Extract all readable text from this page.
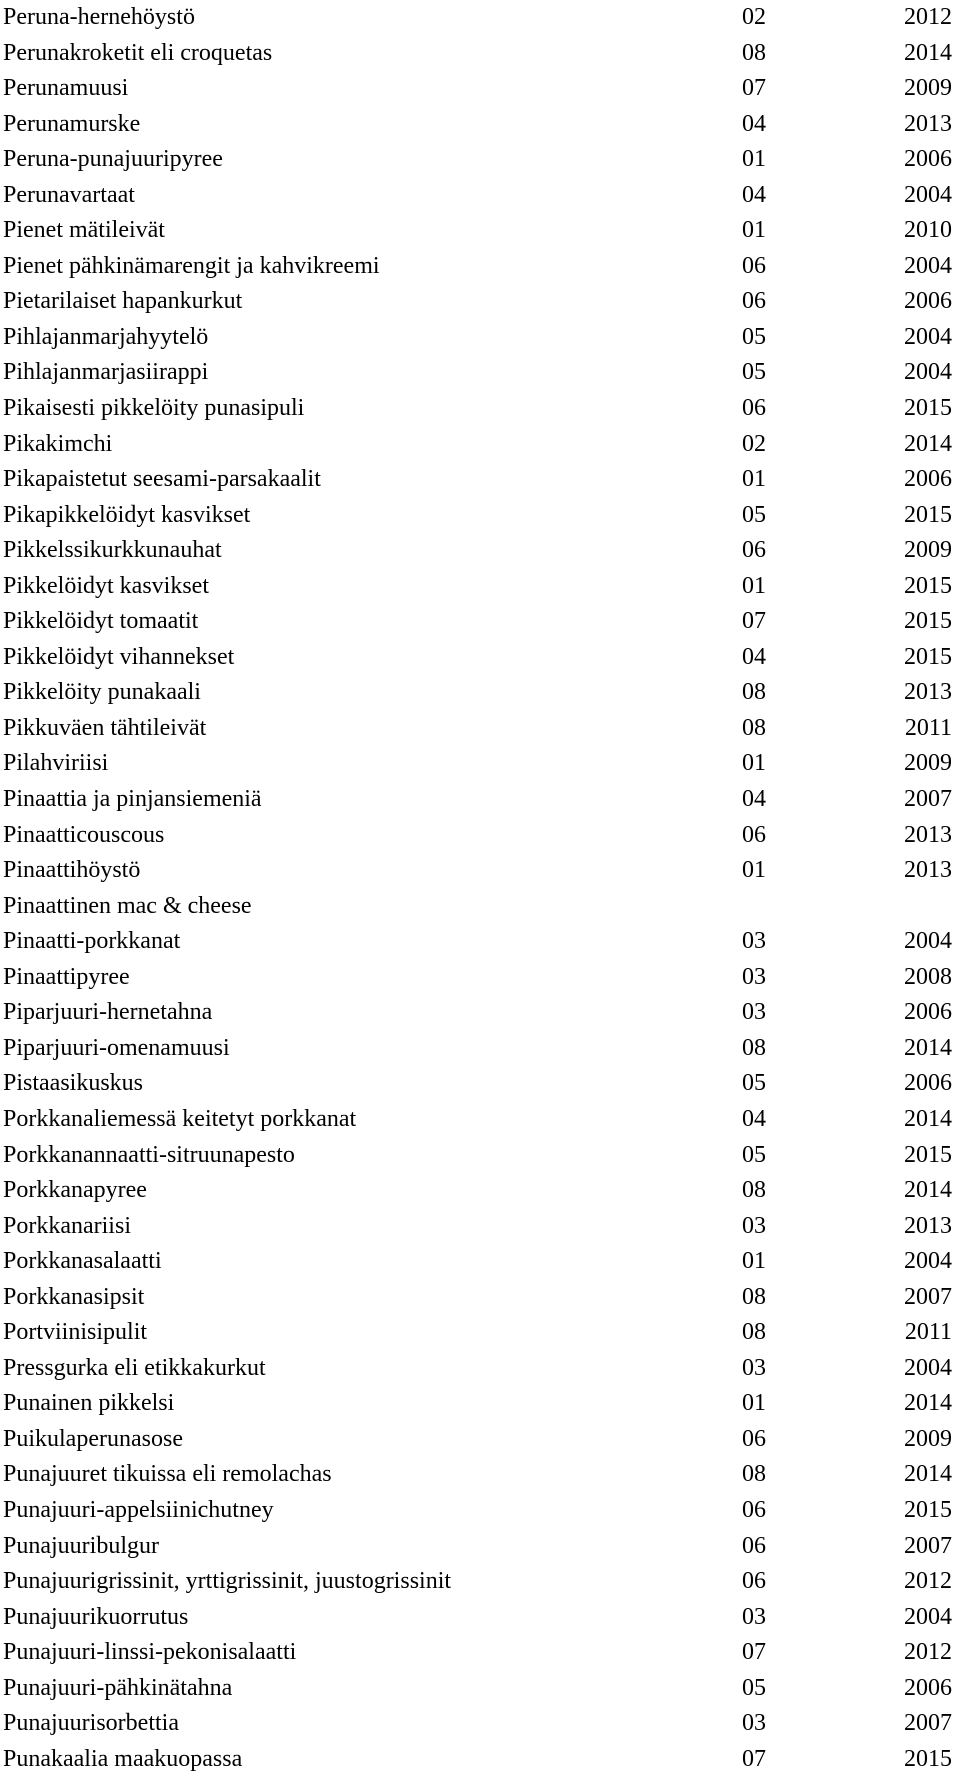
Peruna-hernehöystö	02	2012
Perunakroketit eli croquetas	08	2014
Perunamuusi	07	2009
Perunamurske	04	2013
Peruna-punajuuripyree	01	2006
Perunavartaat	04	2004
Pienet mätileivät	01	2010
Pienet pähkinämarengit ja kahvikreemi	06	2004
Pietarilaiset hapankurkut	06	2006
Pihlajanmarjahyytelö	05	2004
Pihlajanmarjasiirappi	05	2004
Pikaisesti pikkelöity punasipuli	06	2015
Pikakimchi	02	2014
Pikapaistetut seesami-parsakaalit	01	2006
Pikapikkelöidyt kasvikset	05	2015
Pikkelssikurkkunauhat	06	2009
Pikkelöidyt kasvikset	01	2015
Pikkelöidyt tomaatit	07	2015
Pikkelöidyt vihannekset	04	2015
Pikkelöity punakaali	08	2013
Pikkuväen tähtileivät	08	2011
Pilahviriisi	01	2009
Pinaattia ja pinjansiemeniä	04	2007
Pinaatticouscous	06	2013
Pinaattihöystö	01	2013
Pinaattinen mac & cheese
Pinaatti-porkkanat	03	2004
Pinaattipyree	03	2008
Piparjuuri-hernetahna	03	2006
Piparjuuri-omenamuusi	08	2014
Pistaasikuskus	05	2006
Porkkanaliemessä keitetyt porkkanat	04	2014
Porkkanannaatti-sitruunapesto	05	2015
Porkkanapyree	08	2014
Porkkanariisi	03	2013
Porkkanasalaatti	01	2004
Porkkanasipsit	08	2007
Portviinisipulit	08	2011
Pressgurka eli etikkakurkut	03	2004
Punainen pikkelsi	01	2014
Puikulaperunasose	06	2009
Punajuuret tikuissa eli remolachas	08	2014
Punajuuri-appelsiinichutney	06	2015
Punajuuribulgur	06	2007
Punajuurigrissinit, yrttigrissinit, juustogrissinit	06	2012
Punajuurikuorrutus	03	2004
Punajuuri-linssi-pekonisalaatti	07	2012
Punajuuri-pähkinätahna	05	2006
Punajuurisorbettia	03	2007
Punakaalia maakuopassa	07	2015
